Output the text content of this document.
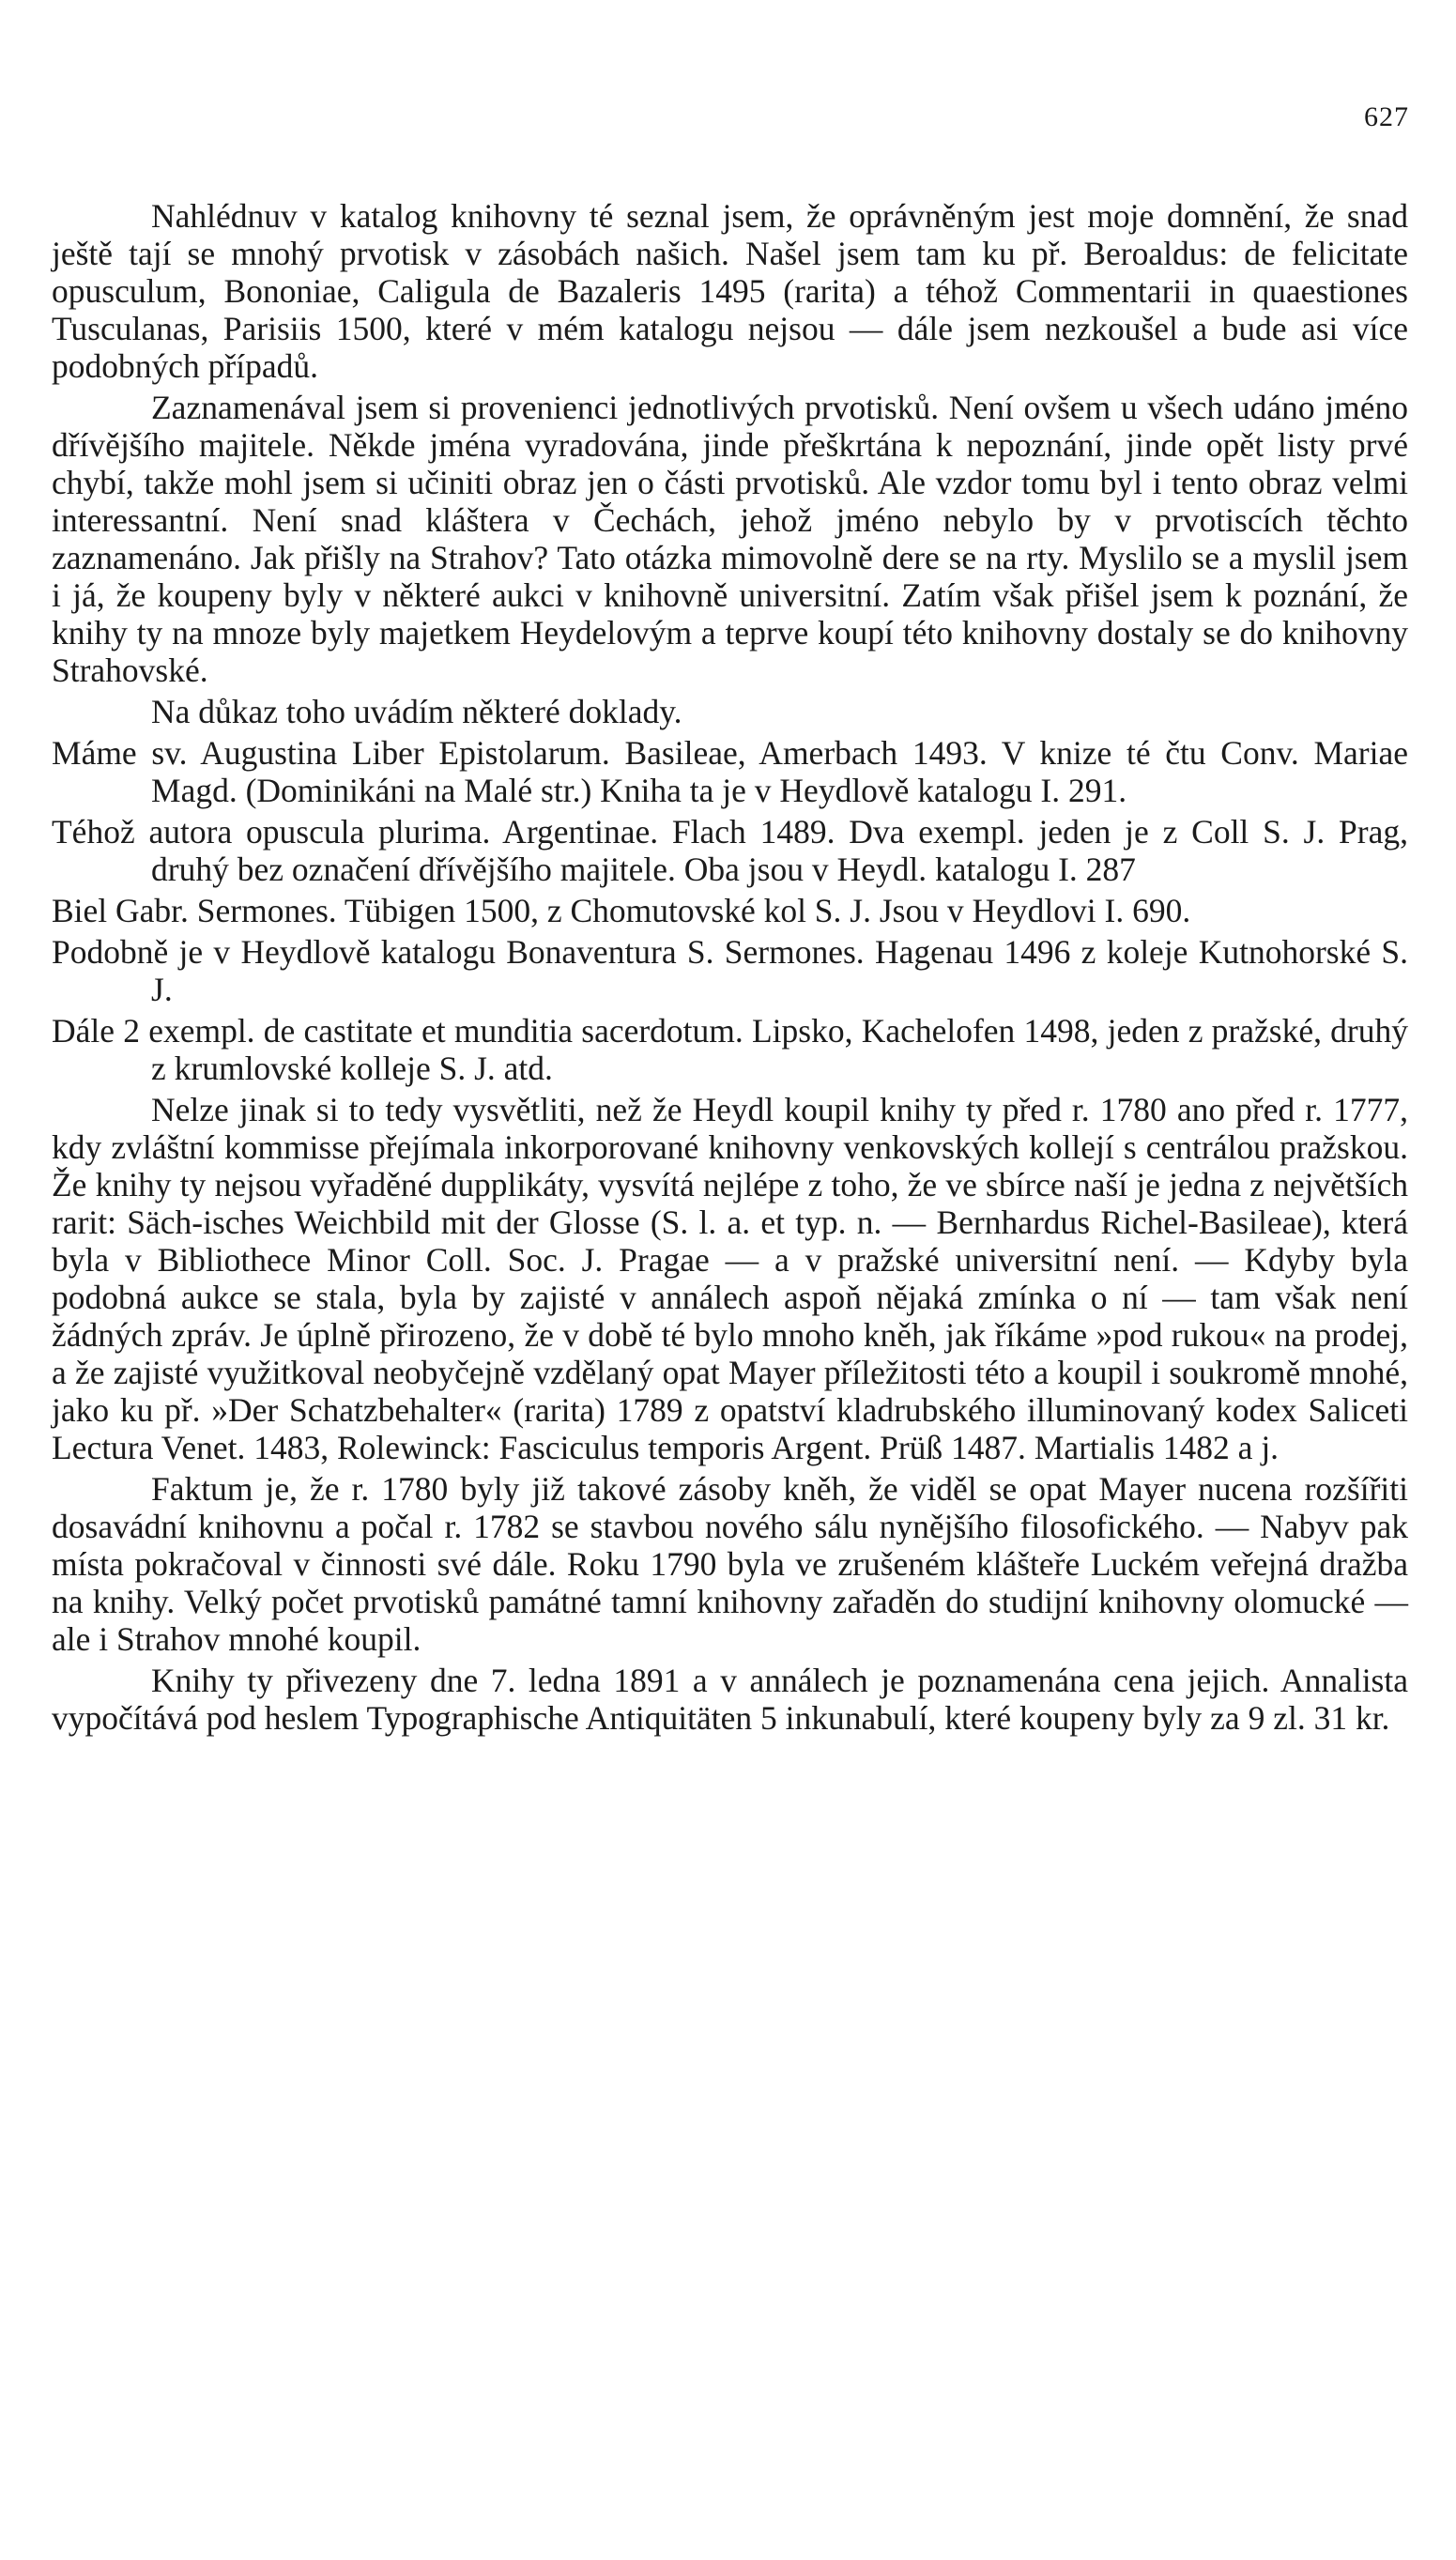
627

Nahlédnuv v katalog knihovny té seznal jsem, že oprávněným jest moje domnění, že snad ještě tají se mnohý prvotisk v zásobách našich. Našel jsem tam ku př. Beroaldus: de felicitate opusculum, Bononiae, Caligula de Bazaleris 1495 (rarita) a téhož Commentarii in quaestiones Tusculanas, Parisiis 1500, které v mém katalogu nejsou — dále jsem nezkoušel a bude asi více podobných případů.

Zaznamenával jsem si provenienci jednotlivých prvotisků. Není ovšem u všech udáno jméno dřívějšího majitele. Někde jména vyradována, jinde přeškrtána k nepoznání, jinde opět listy prvé chybí, takže mohl jsem si učiniti obraz jen o části prvotisků. Ale vzdor tomu byl i tento obraz velmi interessantní. Není snad kláštera v Čechách, jehož jméno nebylo by v prvotiscích těchto zaznamenáno. Jak přišly na Strahov? Tato otázka mimovolně dere se na rty. Myslilo se a myslil jsem i já, že koupeny byly v některé aukci v knihovně universitní. Zatím však přišel jsem k poznání, že knihy ty na mnoze byly majetkem Heydelovým a teprve koupí této knihovny dostaly se do knihovny Strahovské.

Na důkaz toho uvádím některé doklady.

Máme sv. Augustina Liber Epistolarum. Basileae, Amerbach 1493. V knize té čtu Conv. Mariae Magd. (Dominikáni na Malé str.) Kniha ta je v Heydlově katalogu I. 291.

Téhož autora opuscula plurima. Argentinae. Flach 1489. Dva exempl. jeden je z Coll S. J. Prag, druhý bez označení dřívějšího majitele. Oba jsou v Heydl. katalogu I. 287

Biel Gabr. Sermones. Tübigen 1500, z Chomutovské kol S. J. Jsou v Heydlovi I. 690.

Podobně je v Heydlově katalogu Bonaventura S. Sermones. Hagenau 1496 z koleje Kutnohorské S. J.

Dále 2 exempl. de castitate et munditia sacerdotum. Lipsko, Kachelofen 1498, jeden z pražské, druhý z krumlovské kolleje S. J. atd.

Nelze jinak si to tedy vysvětliti, než že Heydl koupil knihy ty před r. 1780 ano před r. 1777, kdy zvláštní kommisse přejímala inkorporované knihovny venkovských kollejí s centrálou pražskou. Že knihy ty nejsou vyřaděné dupplikáty, vysvítá nejlépe z toho, že ve sbírce naší je jedna z největších rarit: Säch-isches Weichbild mit der Glosse (S. l. a. et typ. n. — Bernhardus Richel-Basileae), která byla v Bibliothece Minor Coll. Soc. J. Pragae — a v pražské universitní není. — Kdyby byla podobná aukce se stala, byla by zajisté v annálech aspoň nějaká zmínka o ní — tam však není žádných zpráv. Je úplně přirozeno, že v době té bylo mnoho kněh, jak říkáme »pod rukou« na prodej, a že zajisté využitkoval neobyčejně vzdělaný opat Mayer příležitosti této a koupil i soukromě mnohé, jako ku př. »Der Schatzbehalter« (rarita) 1789 z opatství kladrubského illuminovaný kodex Saliceti Lectura Venet. 1483, Rolewinck: Fasciculus temporis Argent. Prüß 1487. Martialis 1482 a j.

Faktum je, že r. 1780 byly již takové zásoby kněh, že viděl se opat Mayer nucena rozšířiti dosavádní knihovnu a počal r. 1782 se stavbou nového sálu nynějšího filosofického. — Nabyv pak místa pokračoval v činnosti své dále. Roku 1790 byla ve zrušeném klášteře Luckém veřejná dražba na knihy. Velký počet prvotisků památné tamní knihovny zařaděn do studijní knihovny olomucké — ale i Strahov mnohé koupil.

Knihy ty přivezeny dne 7. ledna 1891 a v annálech je poznamenána cena jejich. Annalista vypočítává pod heslem Typographische Antiquitäten 5 inkunabulí, které koupeny byly za 9 zl. 31 kr.
